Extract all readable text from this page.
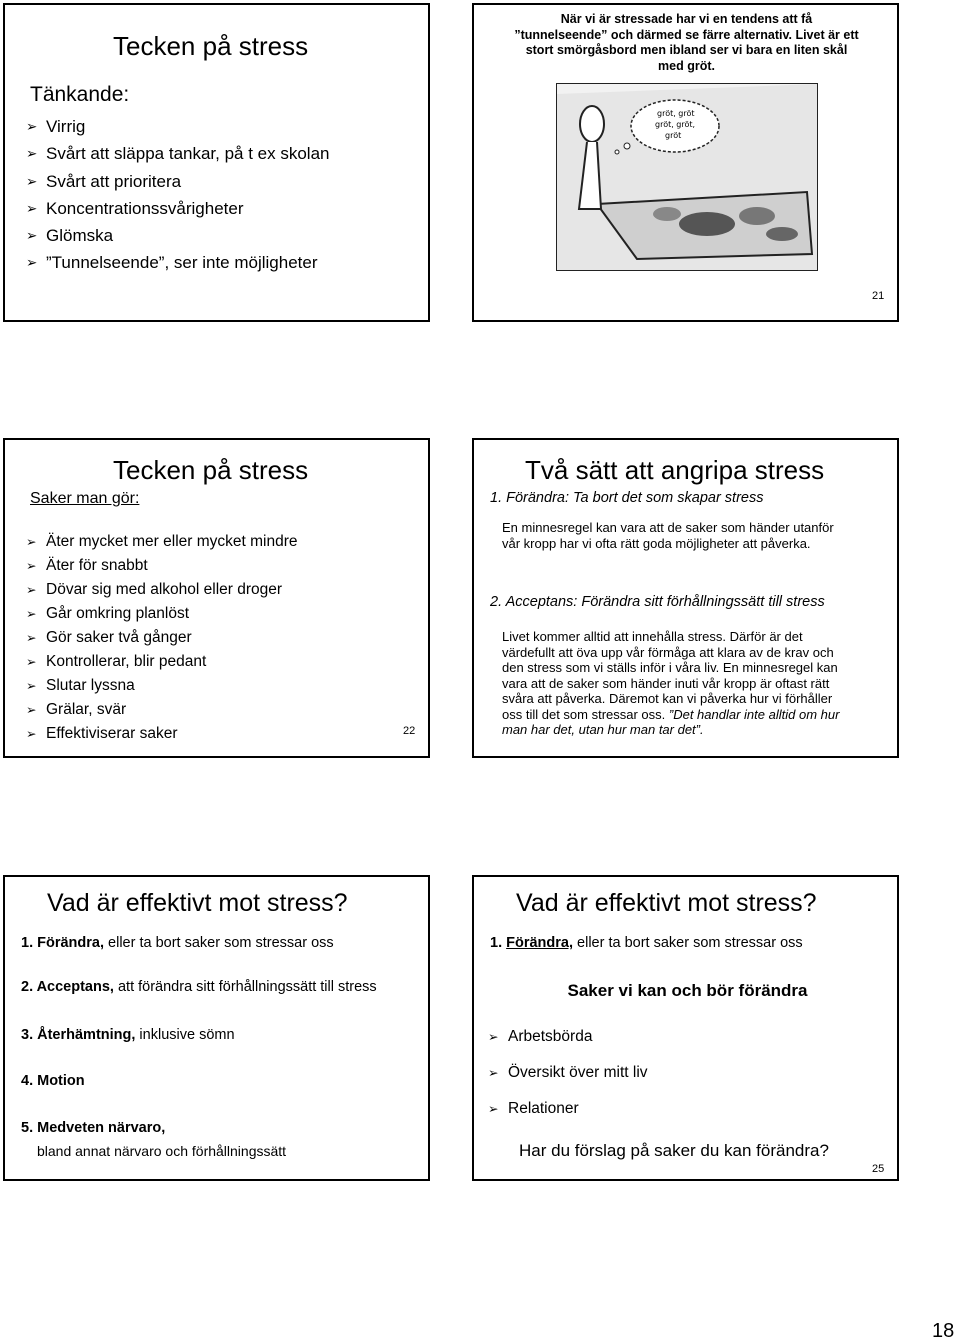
Tecken på stress
Tänkande:
➢ Virrig
➢ Svårt att släppa tankar, på t ex skolan
➢ Svårt att prioritera
➢ Koncentrationssvårigheter
➢ Glömska
➢ ”Tunnelseende”, ser inte möjligheter
När vi är stressade har vi en tendens att få
”tunnelseende” och därmed se färre alternativ. Livet är ett
stort smörgåsbord men ibland ser vi bara en liten skål
med gröt.
gröt, gröt
gröt, gröt,
gröt
21
Tecken på stress
Saker man gör:
➢ Äter mycket mer eller mycket mindre
➢ Äter för snabbt
➢ Dövar sig med alkohol eller droger
➢ Går omkring planlöst
➢ Gör saker två gånger
➢ Kontrollerar, blir pedant
➢ Slutar lyssna
➢ Grälar, svär
➢ Effektiviserar saker	22
Två sätt att angripa stress
1. Förändra: Ta bort det som skapar stress
En minnesregel kan vara att de saker som händer utanför
vår kropp har vi ofta rätt goda möjligheter att påverka.
2. Acceptans: Förändra sitt förhållningssätt till stress
Livet kommer alltid att innehålla stress. Därför är det
värdefullt att öva upp vår förmåga att klara av de krav och
den stress som vi ställs inför i våra liv. En minnesregel kan
vara att de saker som händer inuti vår kropp är oftast rätt
svåra att påverka. Däremot kan vi påverka hur vi förhåller
oss till det som stressar oss. ”Det handlar inte alltid om hur
man har det, utan hur man tar det”.
Vad är effektivt mot stress?
1. Förändra, eller ta bort saker som stressar oss
2. Acceptans, att förändra sitt förhållningssätt till stress
3. Återhämtning, inklusive sömn
4. Motion
5. Medveten närvaro,
bland annat närvaro och förhållningssätt
Vad är effektivt mot stress?
1. Förändra, eller ta bort saker som stressar oss
Saker vi kan och bör förändra
➢ Arbetsbörda
➢ Översikt över mitt liv
➢ Relationer
Har du förslag på saker du kan förändra?
25
18
